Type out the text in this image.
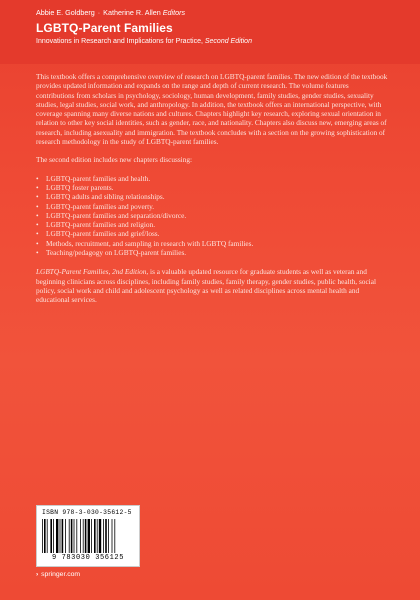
Abbie E. Goldberg · Katherine R. Allen Editors
LGBTQ-Parent Families
Innovations in Research and Implications for Practice, Second Edition

This textbook offers a comprehensive overview of research on LGBTQ-parent families. The new edition of the textbook provides updated information and expands on the range and depth of current research. The volume features contributions from scholars in psychology, sociology, human development, family studies, gender studies, sexuality studies, legal studies, social work, and anthropology. In addition, the textbook offers an international perspective, with coverage spanning many diverse nations and cultures. Chapters highlight key research, exploring sexual orientation in relation to other key social identities, such as gender, race, and nationality. Chapters also discuss new, emerging areas of research, including asexuality and immigration. The textbook concludes with a section on the growing sophistication of research methodology in the study of LGBTQ-parent families.

The second edition includes new chapters discussing:

• LGBTQ-parent families and health.
• LGBTQ foster parents.
• LGBTQ adults and sibling relationships.
• LGBTQ-parent families and poverty.
• LGBTQ-parent families and separation/divorce.
• LGBTQ-parent families and religion.
• LGBTQ-parent families and grief/loss.
• Methods, recruitment, and sampling in research with LGBTQ families.
• Teaching/pedagogy on LGBTQ-parent families.

LGBTQ-Parent Families, 2nd Edition, is a valuable updated resource for graduate students as well as veteran and beginning clinicians across disciplines, including family studies, family therapy, gender studies, public health, social policy, social work and child and adolescent psychology as well as related disciplines across mental health and educational services.

ISBN 978-3-030-35612-5
9 783030 356125
› springer.com
